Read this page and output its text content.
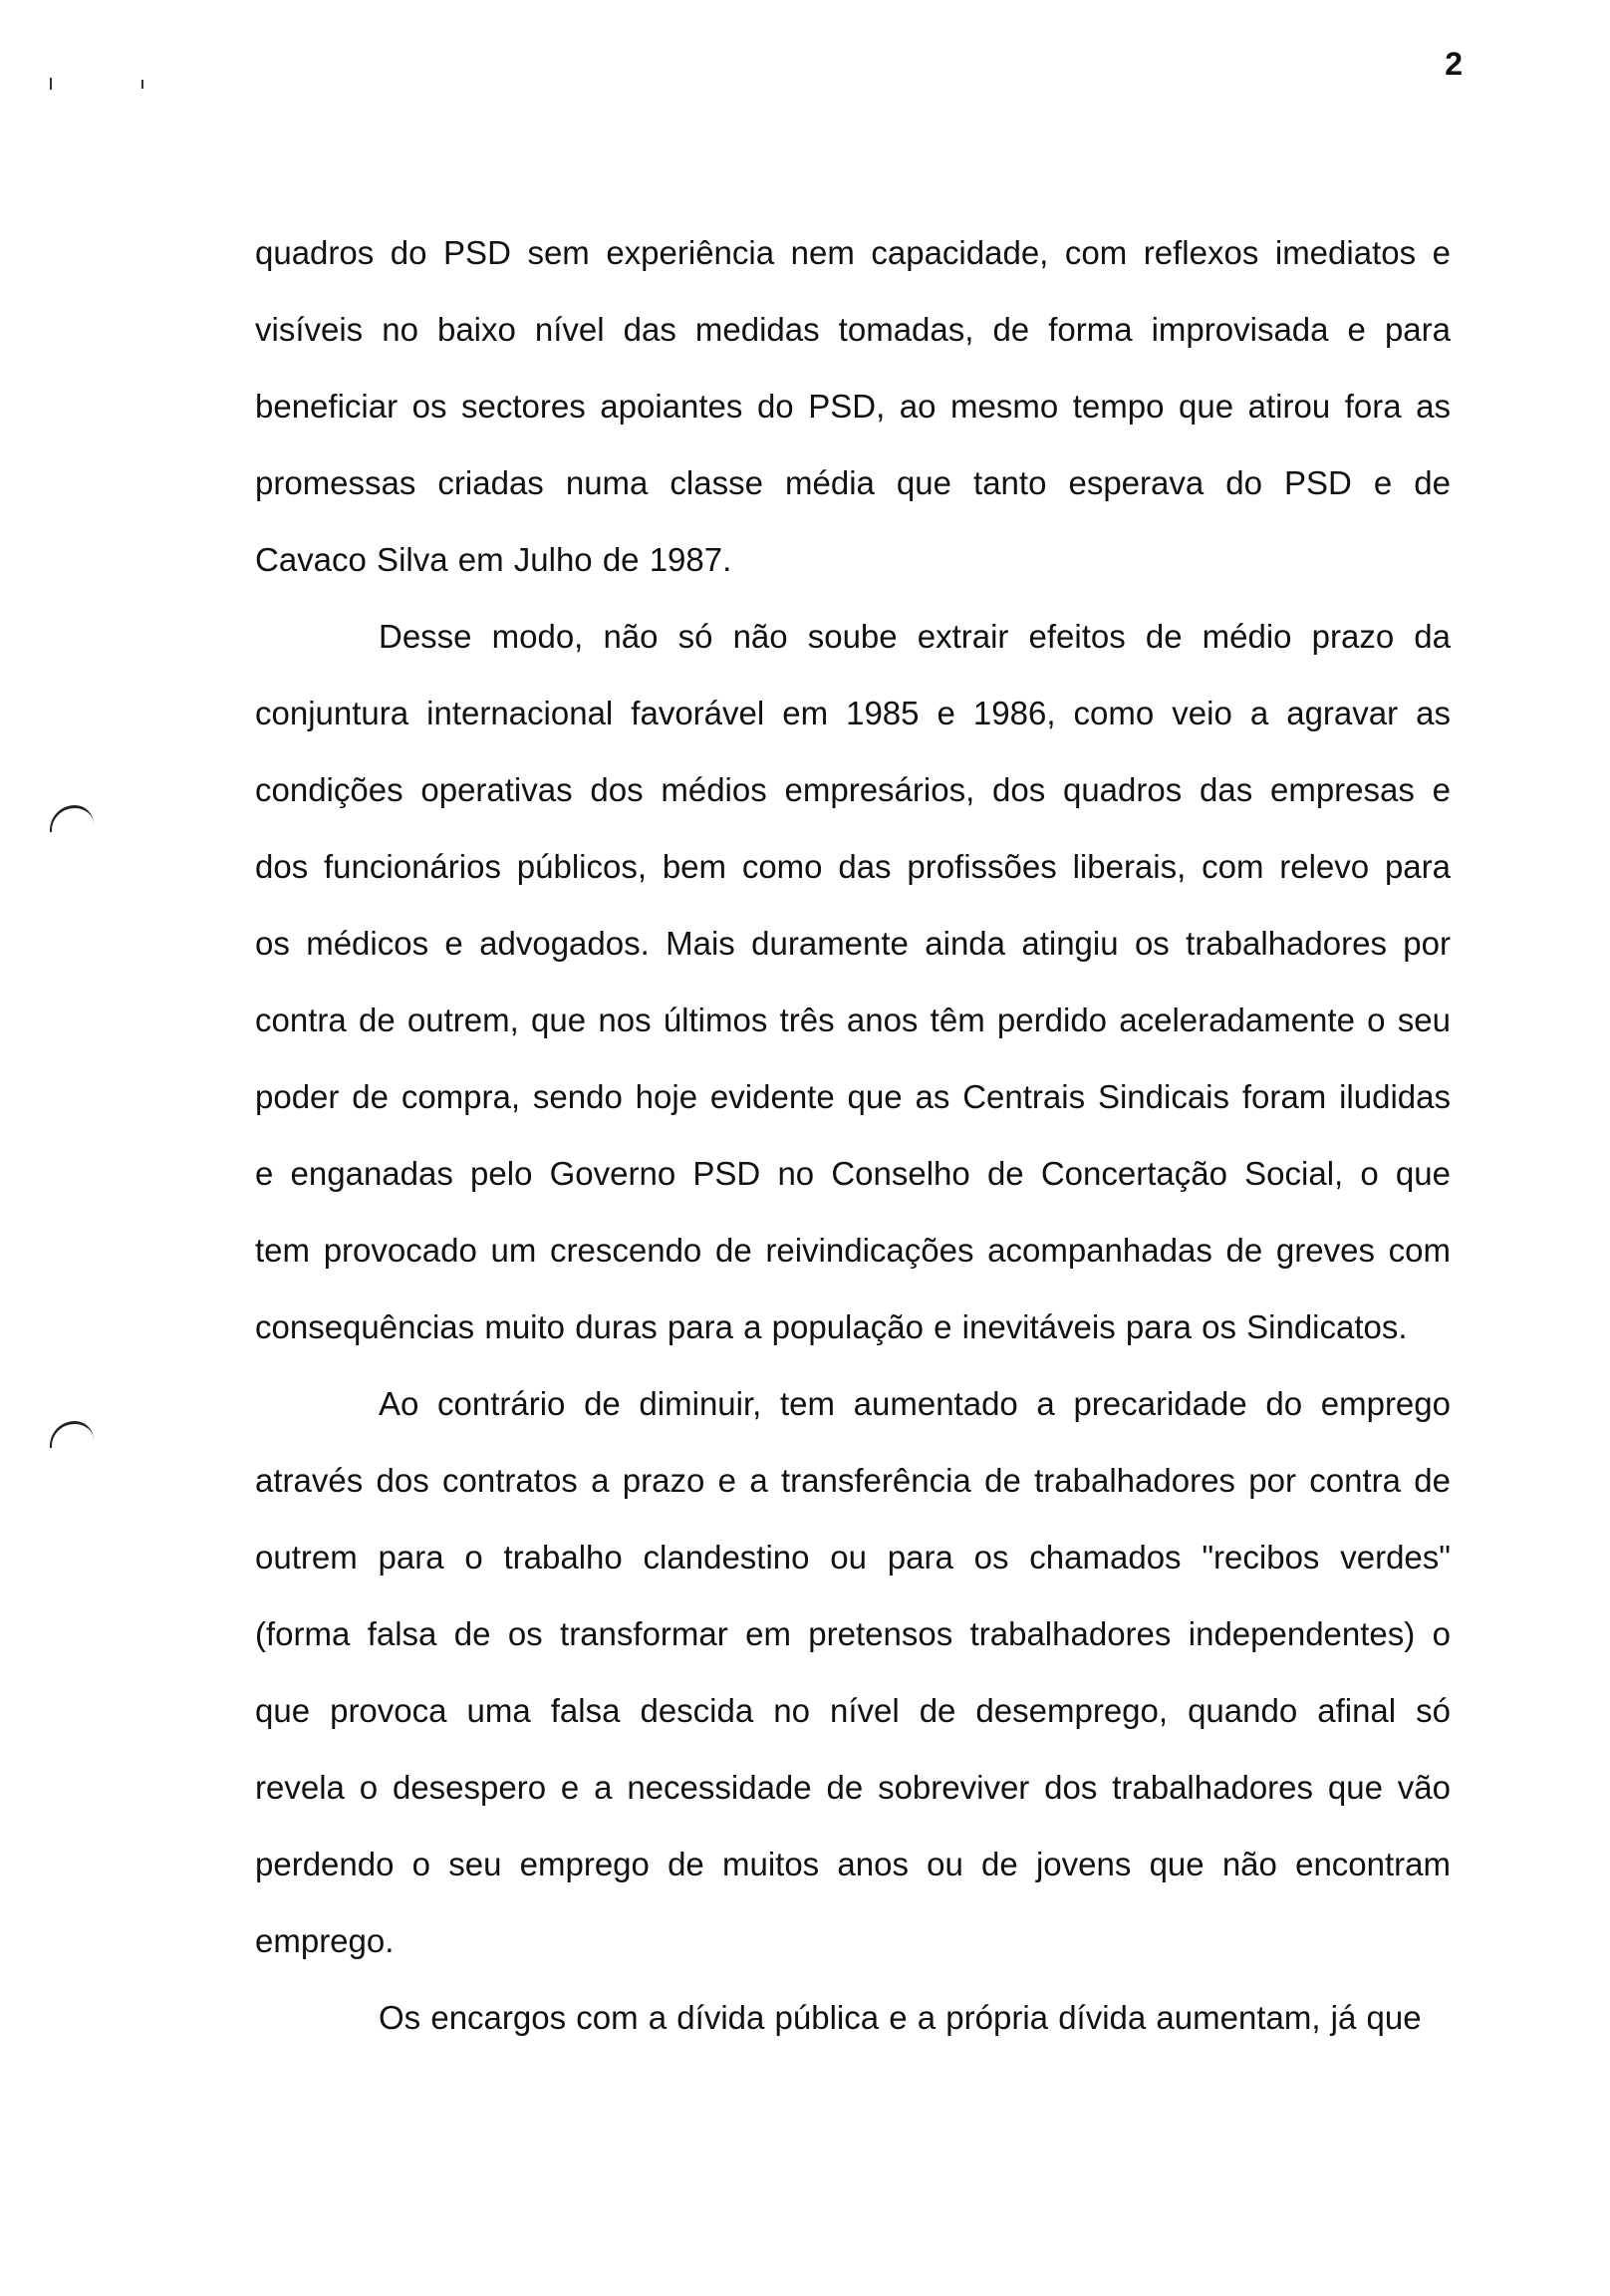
2
quadros do PSD sem experiência nem capacidade, com reflexos imediatos e
visíveis no baixo nível das medidas tomadas, de forma improvisada e para
beneficiar os sectores apoiantes do PSD, ao mesmo tempo que atirou fora as
promessas criadas numa classe média que tanto esperava do PSD e de
Cavaco Silva em Julho de 1987.
Desse modo, não só não soube extrair efeitos de médio prazo da
conjuntura internacional favorável em 1985 e 1986, como veio a agravar as
condições operativas dos médios empresários, dos quadros das empresas e
dos funcionários públicos, bem como das profissões liberais, com relevo para
os médicos e advogados. Mais duramente ainda atingiu os trabalhadores por
contra de outrem, que nos últimos três anos têm perdido aceleradamente o seu
poder de compra, sendo hoje evidente que as Centrais Sindicais foram iludidas
e enganadas pelo Governo PSD no Conselho de Concertação Social, o que
tem provocado um crescendo de reivindicações acompanhadas de greves com
consequências muito duras para a população e inevitáveis para os Sindicatos.
Ao contrário de diminuir, tem aumentado a precaridade do emprego
através dos contratos a prazo e a transferência de trabalhadores por contra de
outrem para o trabalho clandestino ou para os chamados "recibos verdes"
(forma falsa de os transformar em pretensos trabalhadores independentes) o
que provoca uma falsa descida no nível de desemprego, quando afinal só
revela o desespero e a necessidade de sobreviver dos trabalhadores que vão
perdendo o seu emprego de muitos anos ou de jovens que não encontram
emprego.
Os encargos com a dívida pública e a própria dívida aumentam, já que
